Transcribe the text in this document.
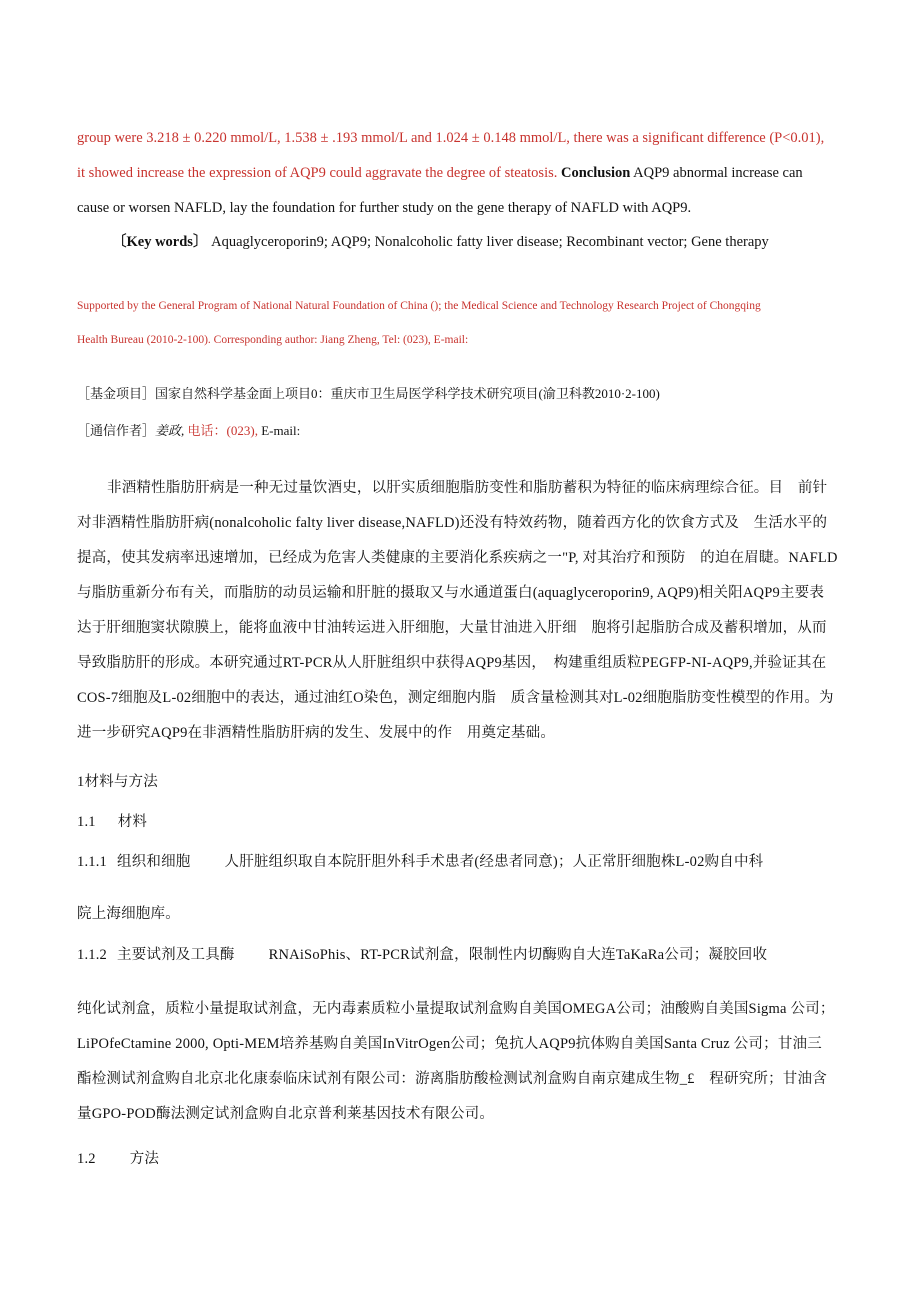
group were 3.218 ± 0.220 mmol/L, 1.538 ± .193 mmol/L and 1.024 ± 0.148 mmol/L, there was a significant difference (P<0.01),
it showed increase the expression of AQP9 could aggravate the degree of steatosis. Conclusion AQP9 abnormal increase can
cause or worsen NAFLD, lay the foundation for further study on the gene therapy of NAFLD with AQP9.
〔Key words〕 Aquaglyceroporin9; AQP9; Nonalcoholic fatty liver disease; Recombinant vector; Gene therapy
Supported by the General Program of National Natural Foundation of China (); the Medical Science and Technology Research Project of Chongqing
Health Bureau (2010-2-100). Corresponding author: Jiang Zheng, Tel: (023), E-mail:
［基金项目］国家自然科学基金面上项目0：重庆市卫生局医学科学技术研究项目(渝卫科教2010·2-100)
［通信作者］姜政, 电话：(023), E-mail:
非酒精性脂肪肝病是一种无过量饮酒史，以肝实质细胞脂肪变性和脂肪蓄积为特征的临床病理综合征。目　前针
对非酒精性脂肪肝病(nonalcoholic falty liver disease,NAFLD)还没有特效药物，随着西方化的饮食方式及　生活水平的
提高，使其发病率迅速增加，已经成为危害人类健康的主要消化系疾病之一"P, 对其治疗和预防　的迫在眉睫。NAFLD
与脂肪重新分布有关，而脂肪的动员运输和肝脏的摄取又与水通道蛋白(aquaglyceroporin9, AQP9)相关阳AQP9主要表
达于肝细胞窦状隙膜上，能将血液中甘油转运进入肝细胞，大量甘油进入肝细　胞将引起脂肪合成及蓄积增加，从而
导致脂肪肝的形成。本研究通过RT-PCR从人肝脏组织中获得AQP9基因，　构建重组质粒PEGFP-NI-AQP9,并验证其在
COS-7细胞及L-02细胞中的表达，通过油红O染色，测定细胞内脂　质含量检测其对L-02细胞脂肪变性模型的作用。为
进一步研究AQP9在非酒精性脂肪肝病的发生、发展中的作　用奠定基础。
1材料与方法
1.1 材料
1.1.1 组织和细胞 人肝脏组织取自本院肝胆外科手术患者(经患者同意)；人正常肝细胞株L-02购自中科
院上海细胞库。
1.1.2 主要试剂及工具酶 RNAiSoPhis、RT-PCR试剂盒，限制性内切酶购自大连TaKaRa公司；凝胶回收
纯化试剂盒，质粒小量提取试剂盒，无内毒素质粒小量提取试剂盒购自美国OMEGA公司；油酸购自美国Sigma 公司；
LiPOfeCtamine 2000, Opti-MEM培养基购自美国InVitrOgen公司；兔抗人AQP9抗体购自美国Santa Cruz 公司；甘油三
酯检测试剂盒购自北京北化康泰临床试剂有限公司：游离脂肪酸检测试剂盒购自南京建成生物_£　程研究所；甘油含
量GPO-POD酶法测定试剂盒购自北京普利莱基因技术有限公司。
1.2 方法
